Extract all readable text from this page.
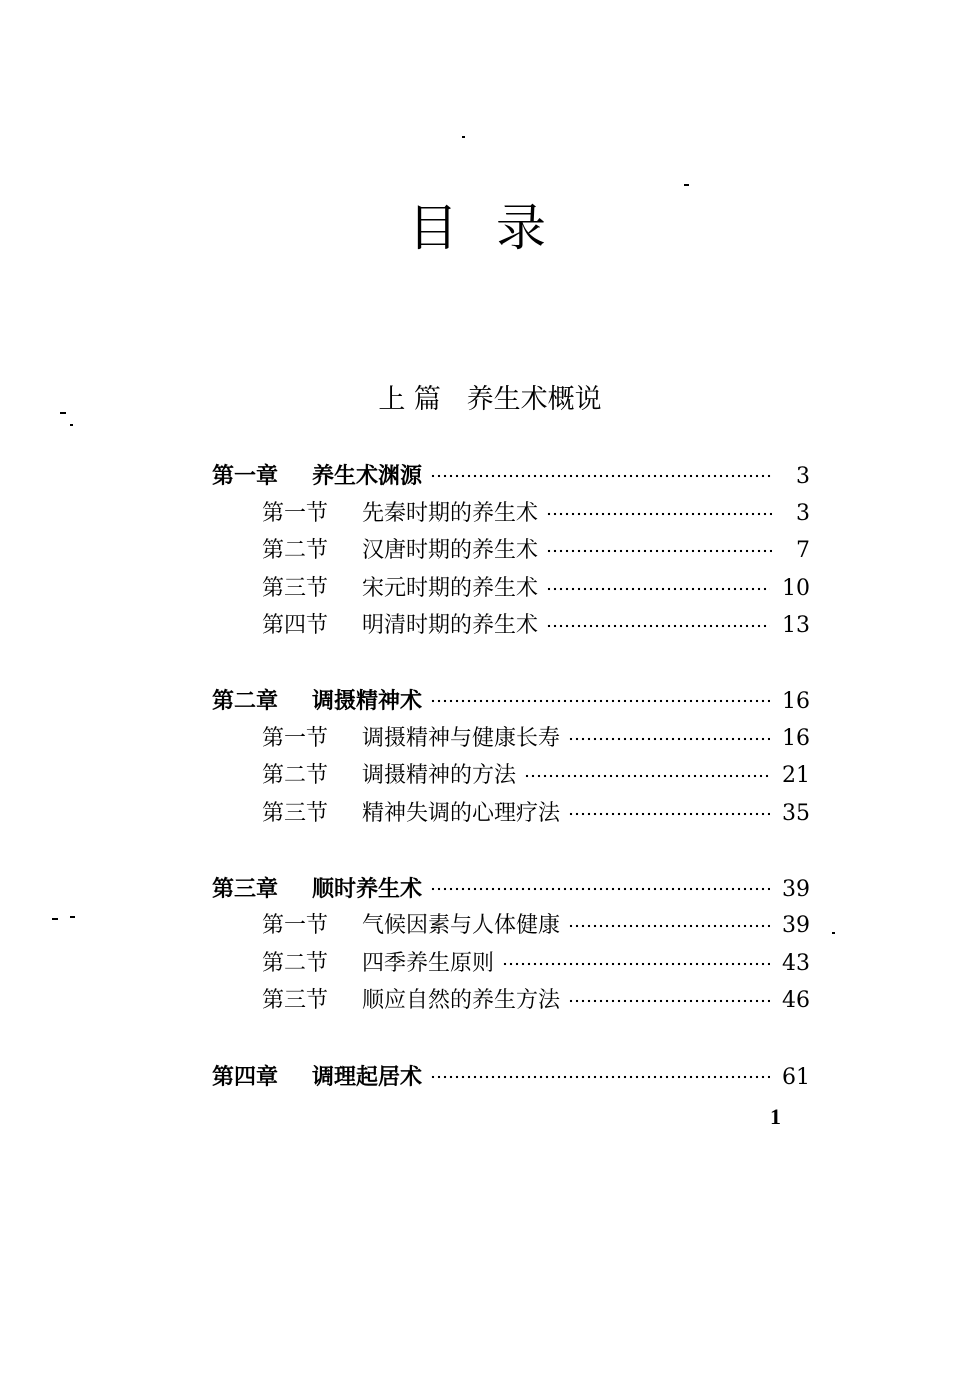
目录
上 篇   养生术概说
第一章	养生术渊源	3
第一节	先秦时期的养生术	3
第二节	汉唐时期的养生术	7
第三节	宋元时期的养生术	10
第四节	明清时期的养生术	13
第二章	调摄精神术	16
第一节	调摄精神与健康长寿	16
第二节	调摄精神的方法	21
第三节	精神失调的心理疗法	35
第三章	顺时养生术	39
第一节	气候因素与人体健康	39
第二节	四季养生原则	43
第三节	顺应自然的养生方法	46
第四章	调理起居术	61
1
